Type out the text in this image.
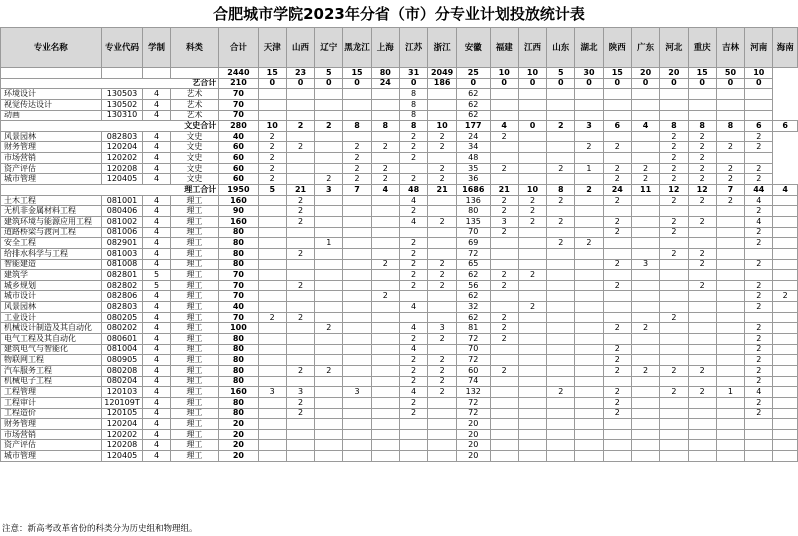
合肥城市学院2023年分省（市）分专业计划投放统计表
专业名称	专业代码	学制	科类	合计	天津	山西	辽宁	黑龙江	上海	江苏	浙江	安徽	福建	江西	山东	湖北	陕西	广东	河北	重庆	吉林	河南	海南
				2440	15	23	5	15	80	31	2049	25	10	10	5	30	15	20	20	15	50	10	
艺合计				210	0	0	0	0	24	0	186	0	0	0	0	0	0	0	0	0	0	0	
环境设计	130503	4	艺术	70						8		62											
视觉传达设计	130502	4	艺术	70						8		62											
动画	130310	4	艺术	70						8		62											
文史合计				280	10	2	2	8	8	8	10	177	4	0	2	3	6	4	8	8	8	6	6
风景园林	082803	4	文史	40	2					2	2	24	2						2	2		2	
财务管理	120204	4	文史	60	2	2		2	2	2	2	34				2	2		2	2	2	2	
市场营销	120202	4	文史	60	2			2		2		48							2	2			
资产评估	120208	4	文史	60	2			2	2		2	35	2		2	1	2	2	2	2	2	2	
城市管理	120405	4	文史	60	2		2	2	2	2	2	36					2	2	2	2	2	2	
理工合计				1950	5	21	3	7	4	48	21	1686	21	10	8	2	24	11	12	12	7	44	4
土木工程	081001	4	理工	160		2				4		136	2	2	2		2		2	2	2	4	
无机非金属材料工程	080406	4	理工	90		2				2		80	2	2								2	
建筑环境与能源应用工程	081002	4	理工	160		2				4	2	135	3	2	2		2		2	2		4	
道路桥梁与渡河工程	081006	4	理工	80								70	2				2		2			2	
安全工程	082901	4	理工	80			1			2		69			2	2						2	
给排水科学与工程	081003	4	理工	80		2				2		72							2	2			
智能建造	081008	4	理工	80					2	2	2	65					2	3		2		2	
建筑学	082801	5	理工	70						2	2	62	2	2									
城乡规划	082802	5	理工	70		2				2	2	56	2				2			2		2	
城市设计	082806	4	理工	70					2			62										2	2
风景园林	082803	4	理工	40						4		32		2								2	
工业设计	080205	4	理工	70	2	2						62	2						2				
机械设计制造及其自动化	080202	4	理工	100			2			4	3	81	2				2	2				2	
电气工程及其自动化	080601	4	理工	80						2	2	72	2									2	
建筑电气与智能化	081004	4	理工	80						4		70					2					2	
物联网工程	080905	4	理工	80						2	2	72					2					2	
汽车服务工程	080208	4	理工	80		2	2			2	2	60	2				2	2	2	2		2	
机械电子工程	080204	4	理工	80						2	2	74										2	
工程管理	120103	4	理工	160	3	3		3		4	2	132			2		2		2	2	1	4	
工程审计	120109T	4	理工	80		2				2		72					2					2	
工程造价	120105	4	理工	80		2				2		72					2					2	
财务管理	120204	4	理工	20								20											
市场营销	120202	4	理工	20								20											
资产评估	120208	4	理工	20								20											
城市管理	120405	4	理工	20								20											
注意：新高考改革省份的科类分为历史组和物理组。
